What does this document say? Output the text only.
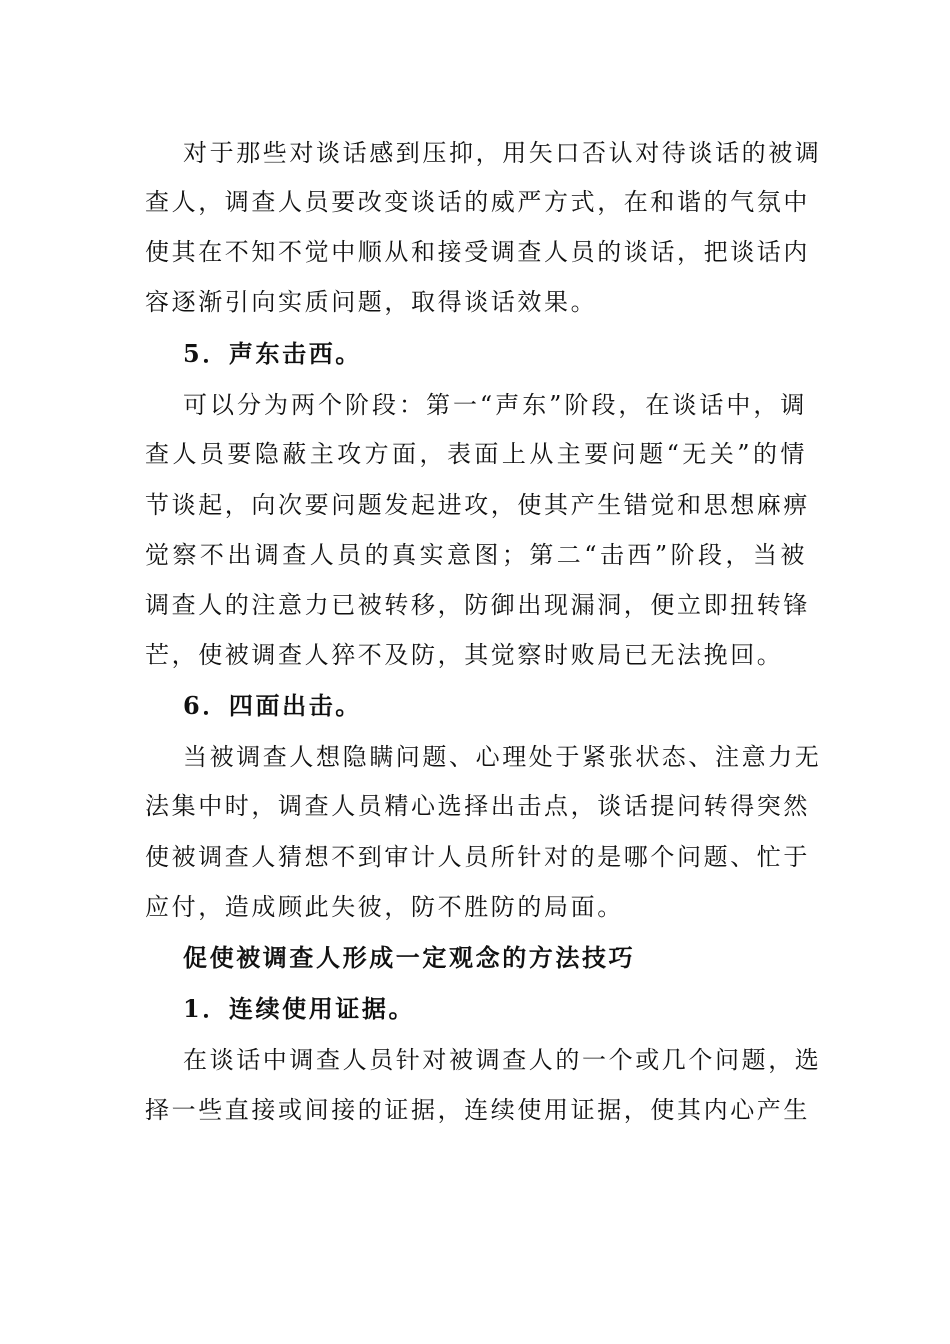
对于那些对谈话感到压抑，用矢口否认对待谈话的被调
查人，调查人员要改变谈话的威严方式，在和谐的气氛中
使其在不知不觉中顺从和接受调查人员的谈话，把谈话内
容逐渐引向实质问题，取得谈话效果。
5．声东击西。
可以分为两个阶段：第一“声东”阶段，在谈话中，调
查人员要隐蔽主攻方面，表面上从主要问题“无关”的情
节谈起，向次要问题发起进攻，使其产生错觉和思想麻痹
觉察不出调查人员的真实意图；第二“击西”阶段，当被
调查人的注意力已被转移，防御出现漏洞，便立即扭转锋
芒，使被调查人猝不及防，其觉察时败局已无法挽回。
6．四面出击。
当被调查人想隐瞒问题、心理处于紧张状态、注意力无
法集中时，调查人员精心选择出击点，谈话提问转得突然
使被调查人猜想不到审计人员所针对的是哪个问题、忙于
应付，造成顾此失彼，防不胜防的局面。
促使被调查人形成一定观念的方法技巧
1．连续使用证据。
在谈话中调查人员针对被调查人的一个或几个问题，选
择一些直接或间接的证据，连续使用证据，使其内心产生
